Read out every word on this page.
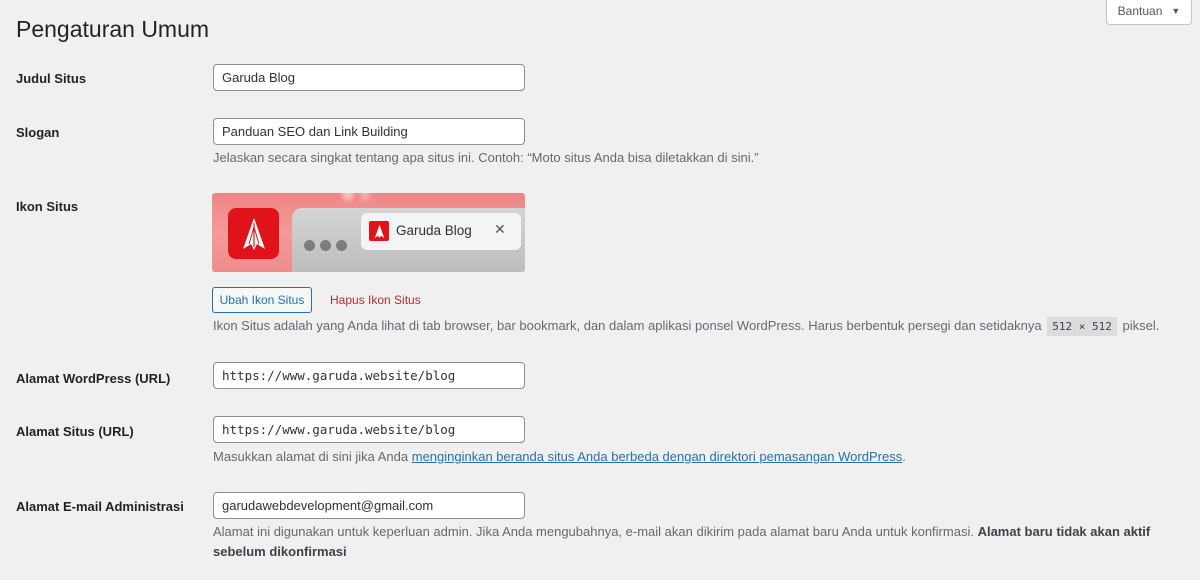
Bantuan ▼
Pengaturan Umum
Judul Situs	Garuda Blog
Slogan	Panduan SEO dan Link Building

Jelaskan secara singkat tentang apa situs ini. Contoh: “Moto situs Anda bisa diletakkan di sini.”

Ikon Situs
Garuda Blog ✕
Ubah Ikon Situs	Hapus Ikon Situs

Ikon Situs adalah yang Anda lihat di tab browser, bar bookmark, dan dalam aplikasi ponsel WordPress. Harus berbentuk persegi dan setidaknya 512 × 512 piksel.

Alamat WordPress (URL)	https://www.garuda.website/blog
Alamat Situs (URL)	https://www.garuda.website/blog

Masukkan alamat di sini jika Anda menginginkan beranda situs Anda berbeda dengan direktori pemasangan WordPress.

Alamat E-mail Administrasi	garudawebdevelopment@gmail.com

Alamat ini digunakan untuk keperluan admin. Jika Anda mengubahnya, e-mail akan dikirim pada alamat baru Anda untuk konfirmasi. Alamat baru tidak akan aktif sebelum dikonfirmasi
